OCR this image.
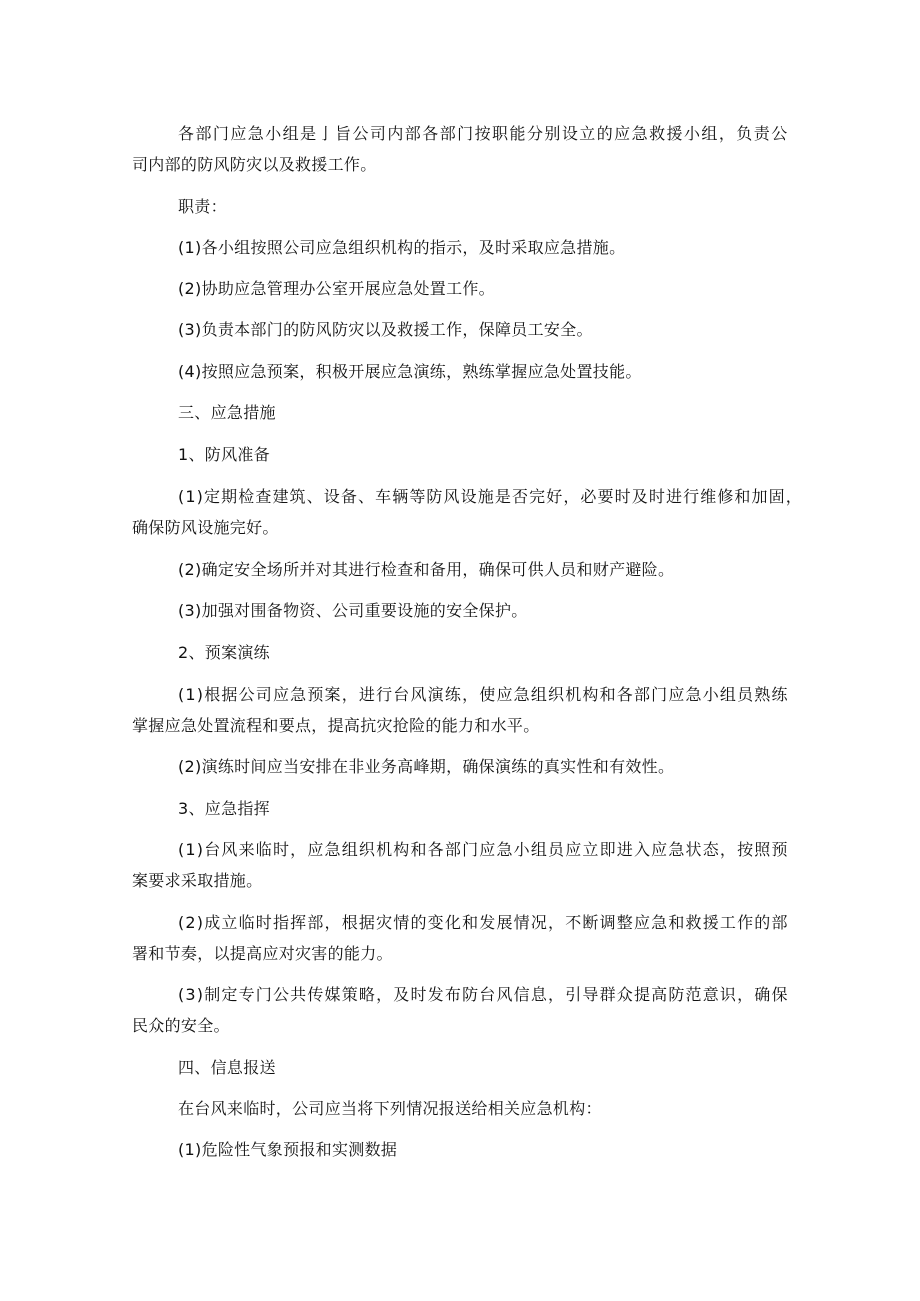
各部门应急小组是亅旨公司内部各部门按职能分别设立的应急救援小组，负责公

司内部的防风防灾以及救援工作。

职责：

(1)各小组按照公司应急组织机构的指示，及时采取应急措施。

(2)协助应急管理办公室开展应急处置工作。

(3)负责本部门的防风防灾以及救援工作，保障员工安全。

(4)按照应急预案，积极开展应急演练，熟练掌握应急处置技能。

三、应急措施

1、防风准备

(1)定期检查建筑、设备、车辆等防风设施是否完好，必要时及时进行维修和加固，

确保防风设施完好。

(2)确定安全场所并对其进行检查和备用，确保可供人员和财产避险。

(3)加强对围备物资、公司重要设施的安全保护。

2、预案演练

(1)根据公司应急预案，进行台风演练，使应急组织机构和各部门应急小组员熟练

掌握应急处置流程和要点，提高抗灾抢险的能力和水平。

(2)演练时间应当安排在非业务高峰期，确保演练的真实性和有效性。

3、应急指挥

(1)台风来临时，应急组织机构和各部门应急小组员应立即进入应急状态，按照预

案要求采取措施。

(2)成立临时指挥部，根据灾情的变化和发展情况，不断调整应急和救援工作的部

署和节奏，以提高应对灾害的能力。

(3)制定专门公共传媒策略，及时发布防台风信息，引导群众提高防范意识，确保

民众的安全。

四、信息报送

在台风来临时，公司应当将下列情况报送给相关应急机构：

(1)危险性气象预报和实测数据
